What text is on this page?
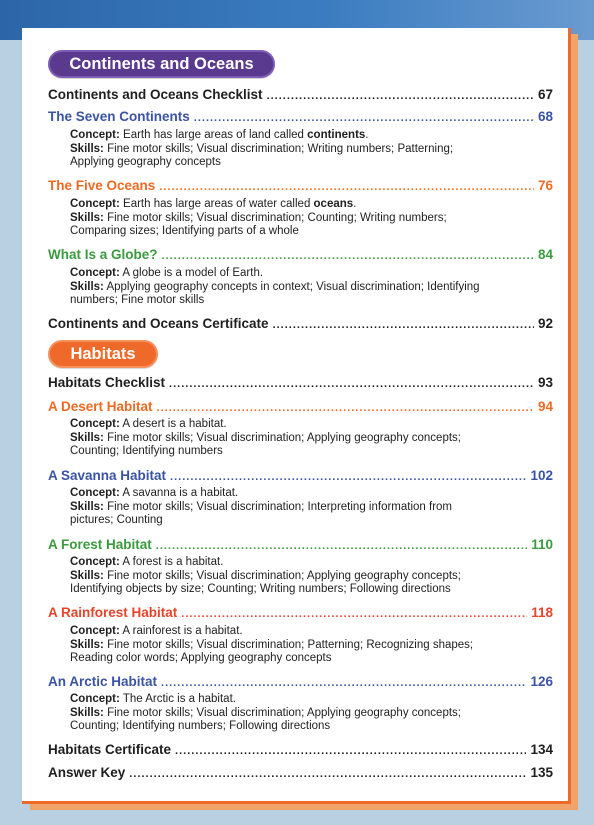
Continents and Oceans
Continents and Oceans Checklist .....	67
The Seven Continents .....	68
Concept: Earth has large areas of land called continents.
Skills: Fine motor skills; Visual discrimination; Writing numbers; Patterning;
Applying geography concepts
The Five Oceans .....	76
Concept: Earth has large areas of water called oceans.
Skills: Fine motor skills; Visual discrimination; Counting; Writing numbers;
Comparing sizes; Identifying parts of a whole
What Is a Globe? .....	84
Concept: A globe is a model of Earth.
Skills: Applying geography concepts in context; Visual discrimination; Identifying
numbers; Fine motor skills
Continents and Oceans Certificate .....	92
Habitats
Habitats Checklist .....	93
A Desert Habitat .....	94
Concept: A desert is a habitat.
Skills: Fine motor skills; Visual discrimination; Applying geography concepts;
Counting; Identifying numbers
A Savanna Habitat .....	102
Concept: A savanna is a habitat.
Skills: Fine motor skills; Visual discrimination; Interpreting information from
pictures; Counting
A Forest Habitat .....	110
Concept: A forest is a habitat.
Skills: Fine motor skills; Visual discrimination; Applying geography concepts;
Identifying objects by size; Counting; Writing numbers; Following directions
A Rainforest Habitat .....	118
Concept: A rainforest is a habitat.
Skills: Fine motor skills; Visual discrimination; Patterning; Recognizing shapes;
Reading color words; Applying geography concepts
An Arctic Habitat .....	126
Concept: The Arctic is a habitat.
Skills: Fine motor skills; Visual discrimination; Applying geography concepts;
Counting; Identifying numbers; Following directions
Habitats Certificate .....	134
Answer Key .....	135
